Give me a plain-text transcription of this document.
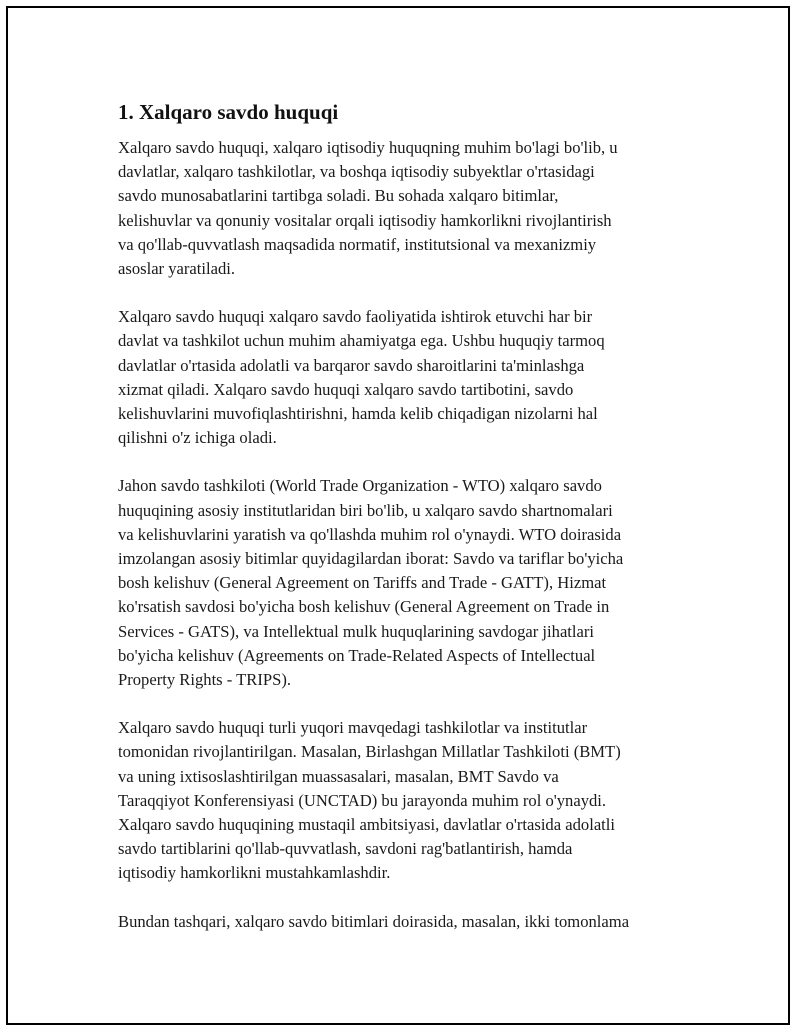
1. Xalqaro savdo huquqi

Xalqaro savdo huquqi, xalqaro iqtisodiy huquqning muhim bo'lagi bo'lib, u
davlatlar, xalqaro tashkilotlar, va boshqa iqtisodiy subyektlar o'rtasidagi
savdo munosabatlarini tartibga soladi. Bu sohada xalqaro bitimlar,
kelishuvlar va qonuniy vositalar orqali iqtisodiy hamkorlikni rivojlantirish
va qo'llab-quvvatlash maqsadida normatif, institutsional va mexanizmiy
asoslar yaratiladi.

Xalqaro savdo huquqi xalqaro savdo faoliyatida ishtirok etuvchi har bir
davlat va tashkilot uchun muhim ahamiyatga ega. Ushbu huquqiy tarmoq
davlatlar o'rtasida adolatli va barqaror savdo sharoitlarini ta'minlashga
xizmat qiladi. Xalqaro savdo huquqi xalqaro savdo tartibotini, savdo
kelishuvlarini muvofiqlashtirishni, hamda kelib chiqadigan nizolarni hal
qilishni o'z ichiga oladi.

Jahon savdo tashkiloti (World Trade Organization - WTO) xalqaro savdo
huquqining asosiy institutlaridan biri bo'lib, u xalqaro savdo shartnomalari
va kelishuvlarini yaratish va qo'llashda muhim rol o'ynaydi. WTO doirasida
imzolangan asosiy bitimlar quyidagilardan iborat: Savdo va tariflar bo'yicha
bosh kelishuv (General Agreement on Tariffs and Trade - GATT), Hizmat
ko'rsatish savdosi bo'yicha bosh kelishuv (General Agreement on Trade in
Services - GATS), va Intellektual mulk huquqlarining savdogar jihatlari
bo'yicha kelishuv (Agreements on Trade-Related Aspects of Intellectual
Property Rights - TRIPS).

Xalqaro savdo huquqi turli yuqori mavqedagi tashkilotlar va institutlar
tomonidan rivojlantirilgan. Masalan, Birlashgan Millatlar Tashkiloti (BMT)
va uning ixtisoslashtirilgan muassasalari, masalan, BMT Savdo va
Taraqqiyot Konferensiyasi (UNCTAD) bu jarayonda muhim rol o'ynaydi.
Xalqaro savdo huquqining mustaqil ambitsiyasi, davlatlar o'rtasida adolatli
savdo tartiblarini qo'llab-quvvatlash, savdoni rag'batlantirish, hamda
iqtisodiy hamkorlikni mustahkamlashdir.

Bundan tashqari, xalqaro savdo bitimlari doirasida, masalan, ikki tomonlama
